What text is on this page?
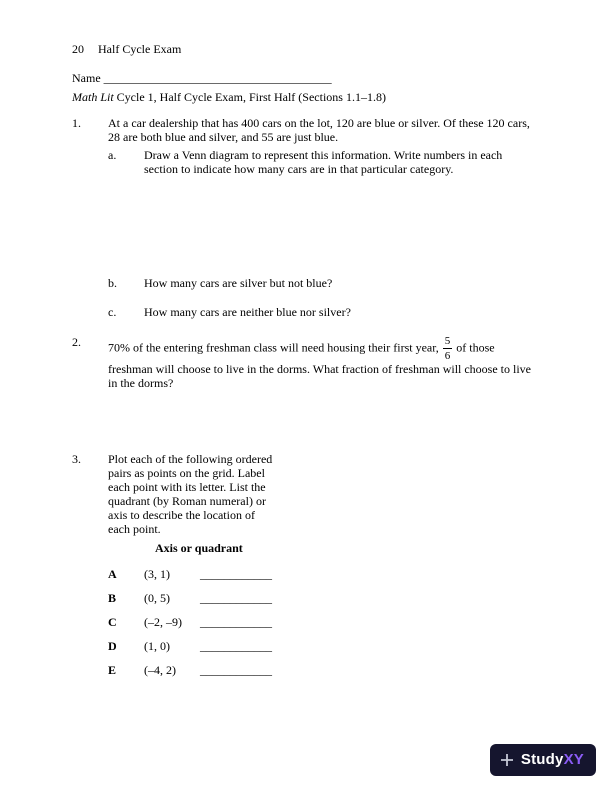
20 Half Cycle Exam
Name ______________________________________
Math Lit Cycle 1, Half Cycle Exam, First Half (Sections 1.1–1.8)
1.	At a car dealership that has 400 cars on the lot, 120 are blue or silver. Of these 120 cars, 28 are both blue and silver, and 55 are just blue.
a.	Draw a Venn diagram to represent this information. Write numbers in each section to indicate how many cars are in that particular category.
b.	How many cars are silver but not blue?
c.	How many cars are neither blue nor silver?
2.	70% of the entering freshman class will need housing their first year, $\frac{5}{6}$ of those freshman will choose to live in the dorms. What fraction of freshman will choose to live in the dorms?
3.	Plot each of the following ordered pairs as points on the grid. Label each point with its letter. List the quadrant (by Roman numeral) or axis to describe the location of each point.
Axis or quadrant
A	(3, 1)	____________
B	(0, 5)	____________
C	(–2, –9)	____________
D	(1, 0)	____________
E	(–4, 2)	____________
StudyXY
